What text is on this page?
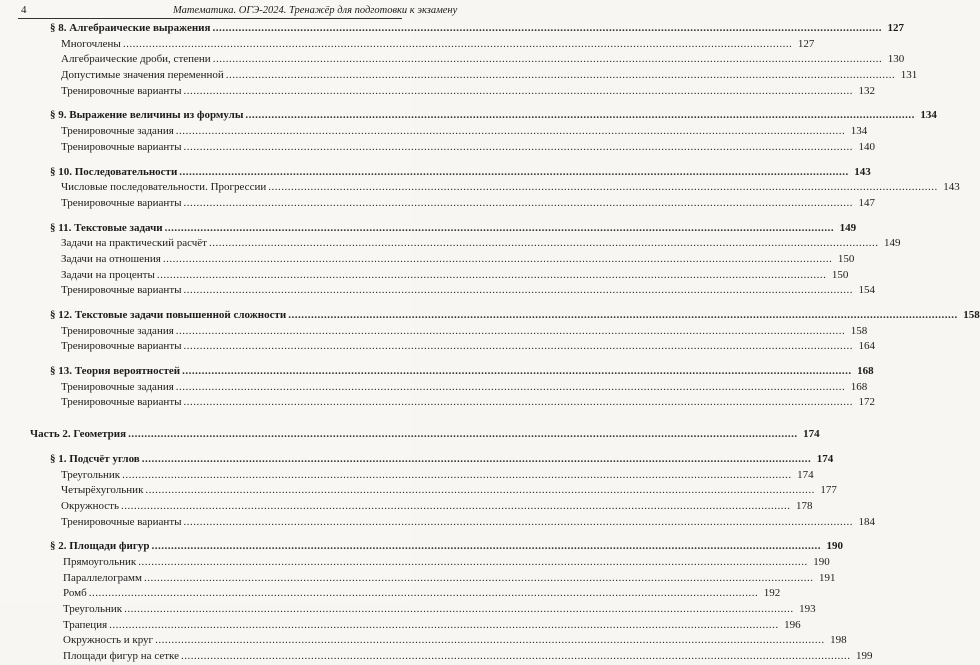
4	Математика. ОГЭ-2024. Тренажёр для подготовки к экзамену
§ 8. Алгебраические выражения .....	127
Многочлены .....	127
Алгебраические дроби, степени .....	130
Допустимые значения переменной .....	131
Тренировочные варианты .....	132
§ 9. Выражение величины из формулы .....	134
Тренировочные задания .....	134
Тренировочные варианты .....	140
§ 10. Последовательности .....	143
Числовые последовательности. Прогрессии .....	143
Тренировочные варианты .....	147
§ 11. Текстовые задачи .....	149
Задачи на практический расчёт .....	149
Задачи на отношения .....	150
Задачи на проценты .....	150
Тренировочные варианты .....	154
§ 12. Текстовые задачи повышенной сложности .....	158
Тренировочные задания .....	158
Тренировочные варианты .....	164
§ 13. Теория вероятностей .....	168
Тренировочные задания .....	168
Тренировочные варианты .....	172
Часть 2. Геометрия .....	174
§ 1. Подсчёт углов .....	174
Треугольник .....	174
Четырёхугольник .....	177
Окружность .....	178
Тренировочные варианты .....	184
§ 2. Площади фигур .....	190
Прямоугольник .....	190
Параллелограмм .....	191
Ромб .....	192
Треугольник .....	193
Трапеция .....	196
Окружность и круг .....	198
Площади фигур на сетке .....	199
